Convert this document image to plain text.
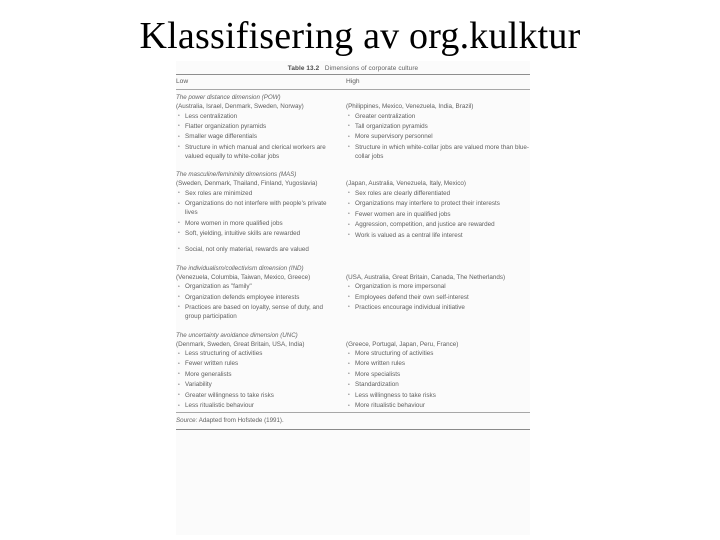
Klassifisering av org.kulktur
Table 13.2 Dimensions of corporate culture
Low	High
The power distance dimension (POW)
(Australia, Israel, Denmark, Sweden, Norway)
• Less centralization
• Flatter organization pyramids
• Smaller wage differentials
• Structure in which manual and clerical workers are valued equally to white-collar jobs

(Philippines, Mexico, Venezuela, India, Brazil)
• Greater centralization
• Tall organization pyramids
• More supervisory personnel
• Structure in which white-collar jobs are valued more than blue-collar jobs
The masculine/femininity dimensions (MAS)
(Sweden, Denmark, Thailand, Finland, Yugoslavia)
• Sex roles are minimized
• Organizations do not interfere with people's private lives
• More women in more qualified jobs
• Soft, yielding, intuitive skills are rewarded
• Social, not only material, rewards are valued

(Japan, Australia, Venezuela, Italy, Mexico)
• Sex roles are clearly differentiated
• Organizations may interfere to protect their interests
• Fewer women are in qualified jobs
• Aggression, competition, and justice are rewarded
• Work is valued as a central life interest
The individualism/collectivism dimension (IND)
(Venezuela, Columbia, Taiwan, Mexico, Greece)
• Organization as "family"
• Organization defends employee interests
• Practices are based on loyalty, sense of duty, and group participation

(USA, Australia, Great Britain, Canada, The Netherlands)
• Organization is more impersonal
• Employees defend their own self-interest
• Practices encourage individual initiative
The uncertainty avoidance dimension (UNC)
(Denmark, Sweden, Great Britain, USA, India)
• Less structuring of activities
• Fewer written rules
• More generalists
• Variability
• Greater willingness to take risks
• Less ritualistic behaviour

(Greece, Portugal, Japan, Peru, France)
• More structuring of activities
• More written rules
• More specialists
• Standardization
• Less willingness to take risks
• More ritualistic behaviour
Source: Adapted from Hofstede (1991).
